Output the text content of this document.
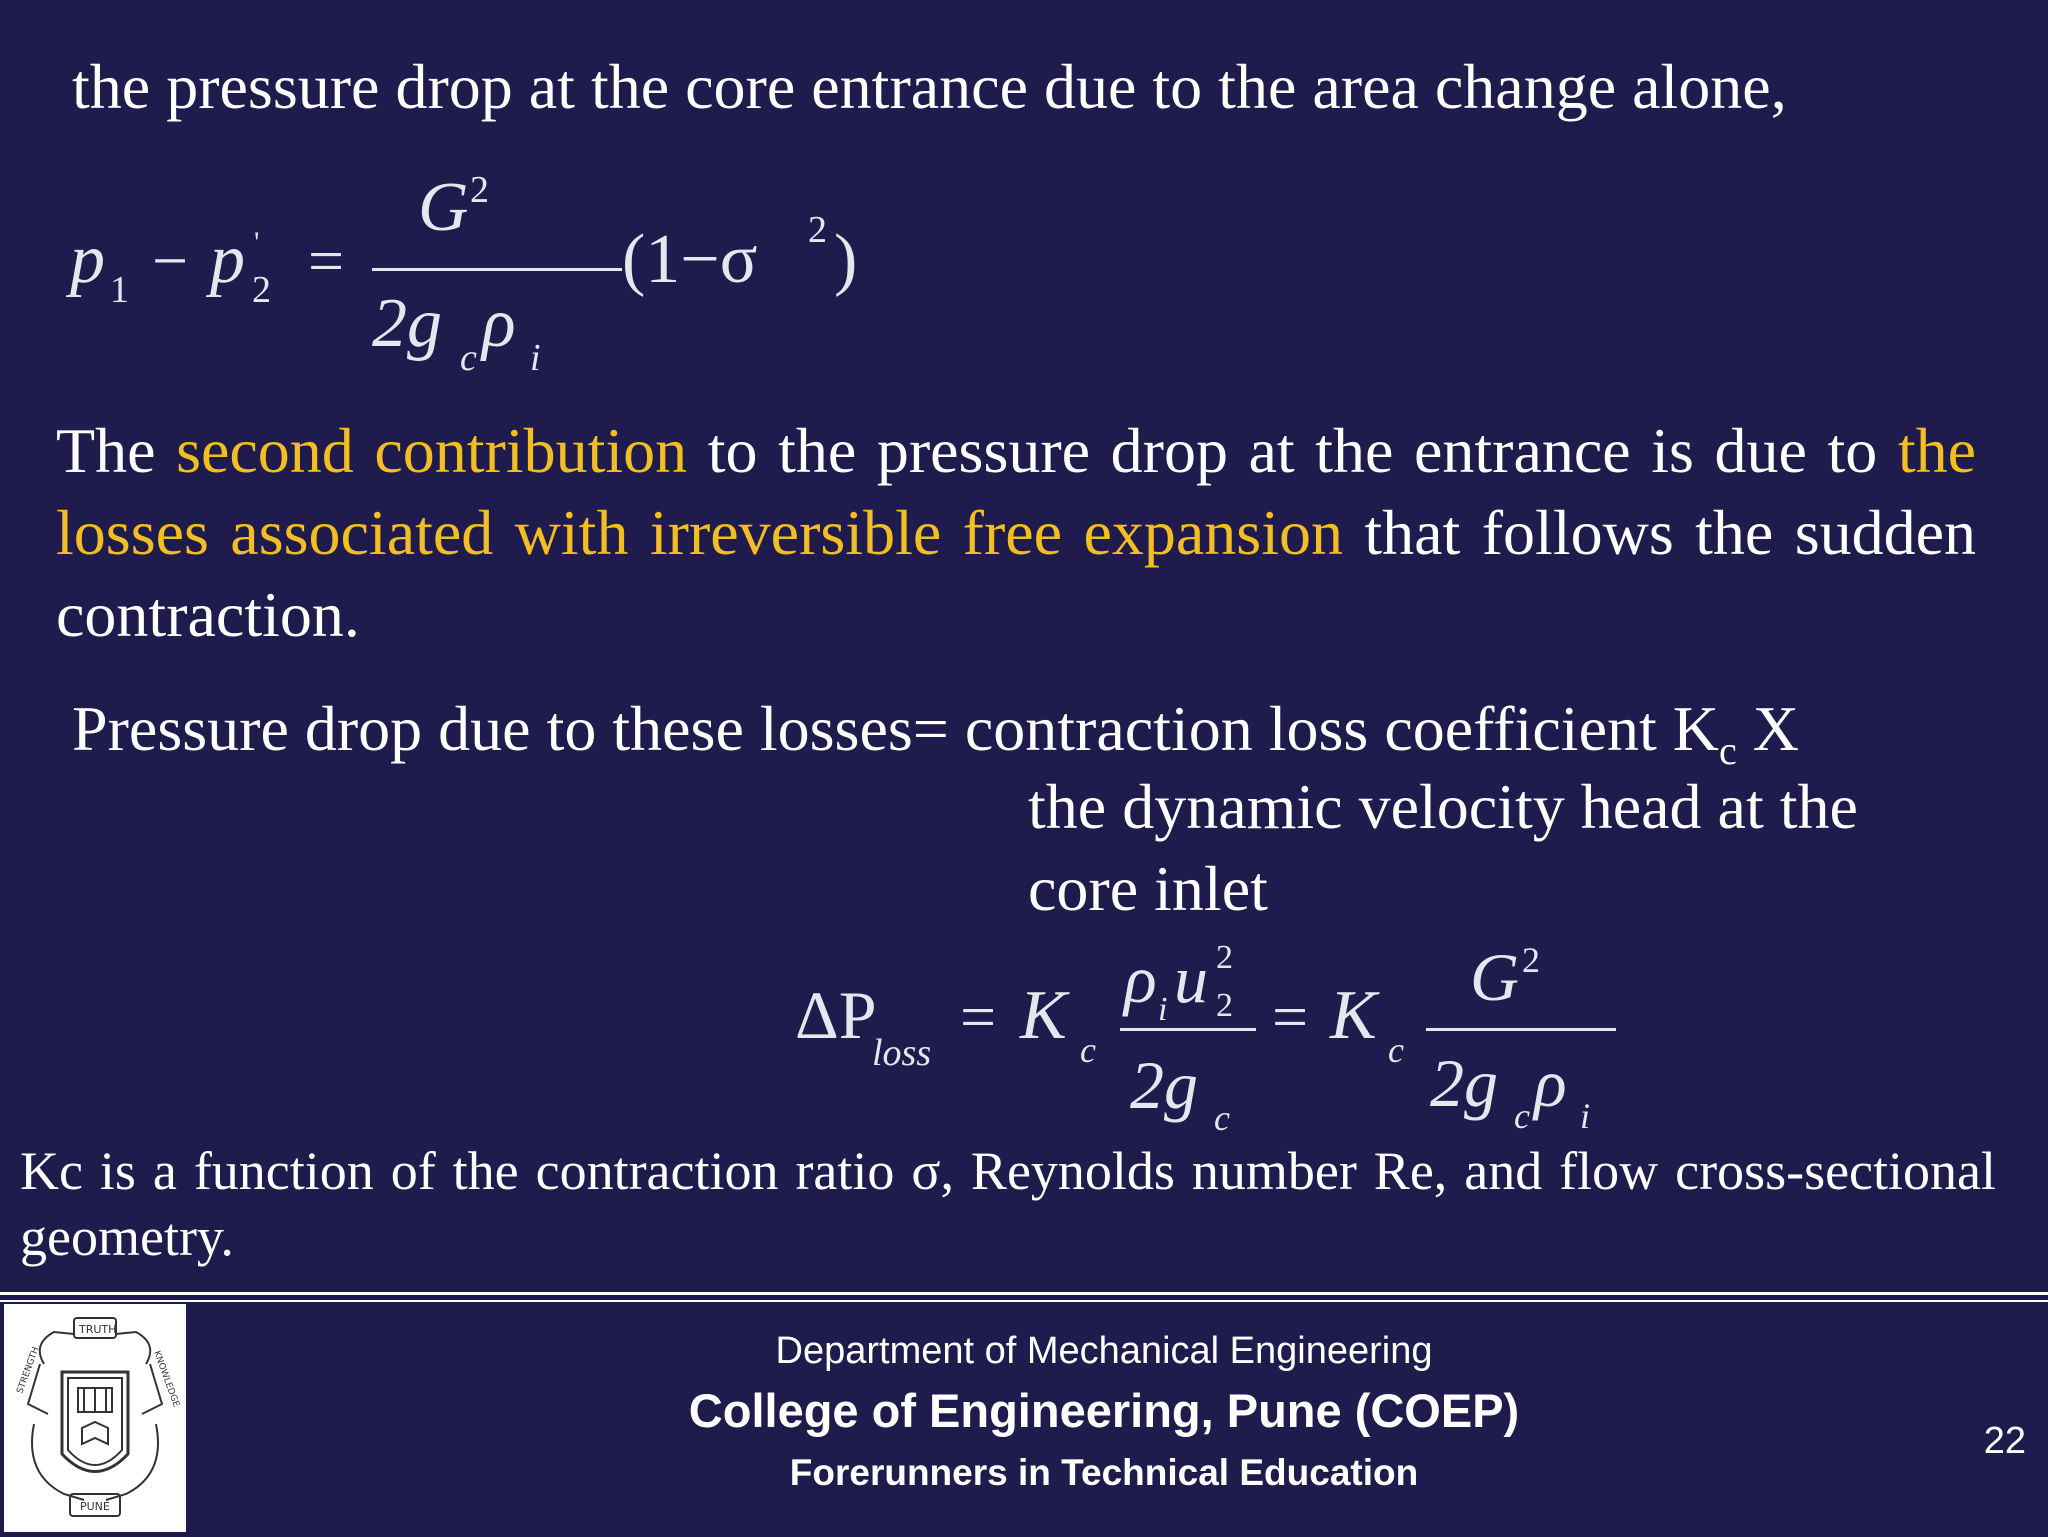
the pressure drop at the core entrance due to the area change alone,
p 1 − p '
2 =
G 2
2g c ρ i
(1−σ 2 )
The second contribution to the pressure drop at the entrance is due to the losses associated with irreversible free expansion that follows the sudden contraction.
Pressure drop due to these losses= contraction loss coefficient $K_c$ X
the dynamic velocity head at the
core inlet
ΔP
loss
= K c
ρ i u 2
2
2g c
= K c
G 2
2g c ρ i
Kc is a function of the contraction ratio σ, Reynolds number Re, and flow cross-sectional geometry.
TRUTH
PUNE
STRENGTH	KNOWLEDGE	Department of Mechanical Engineering
College of Engineering, Pune (COEP)
Forerunners in Technical Education
22
